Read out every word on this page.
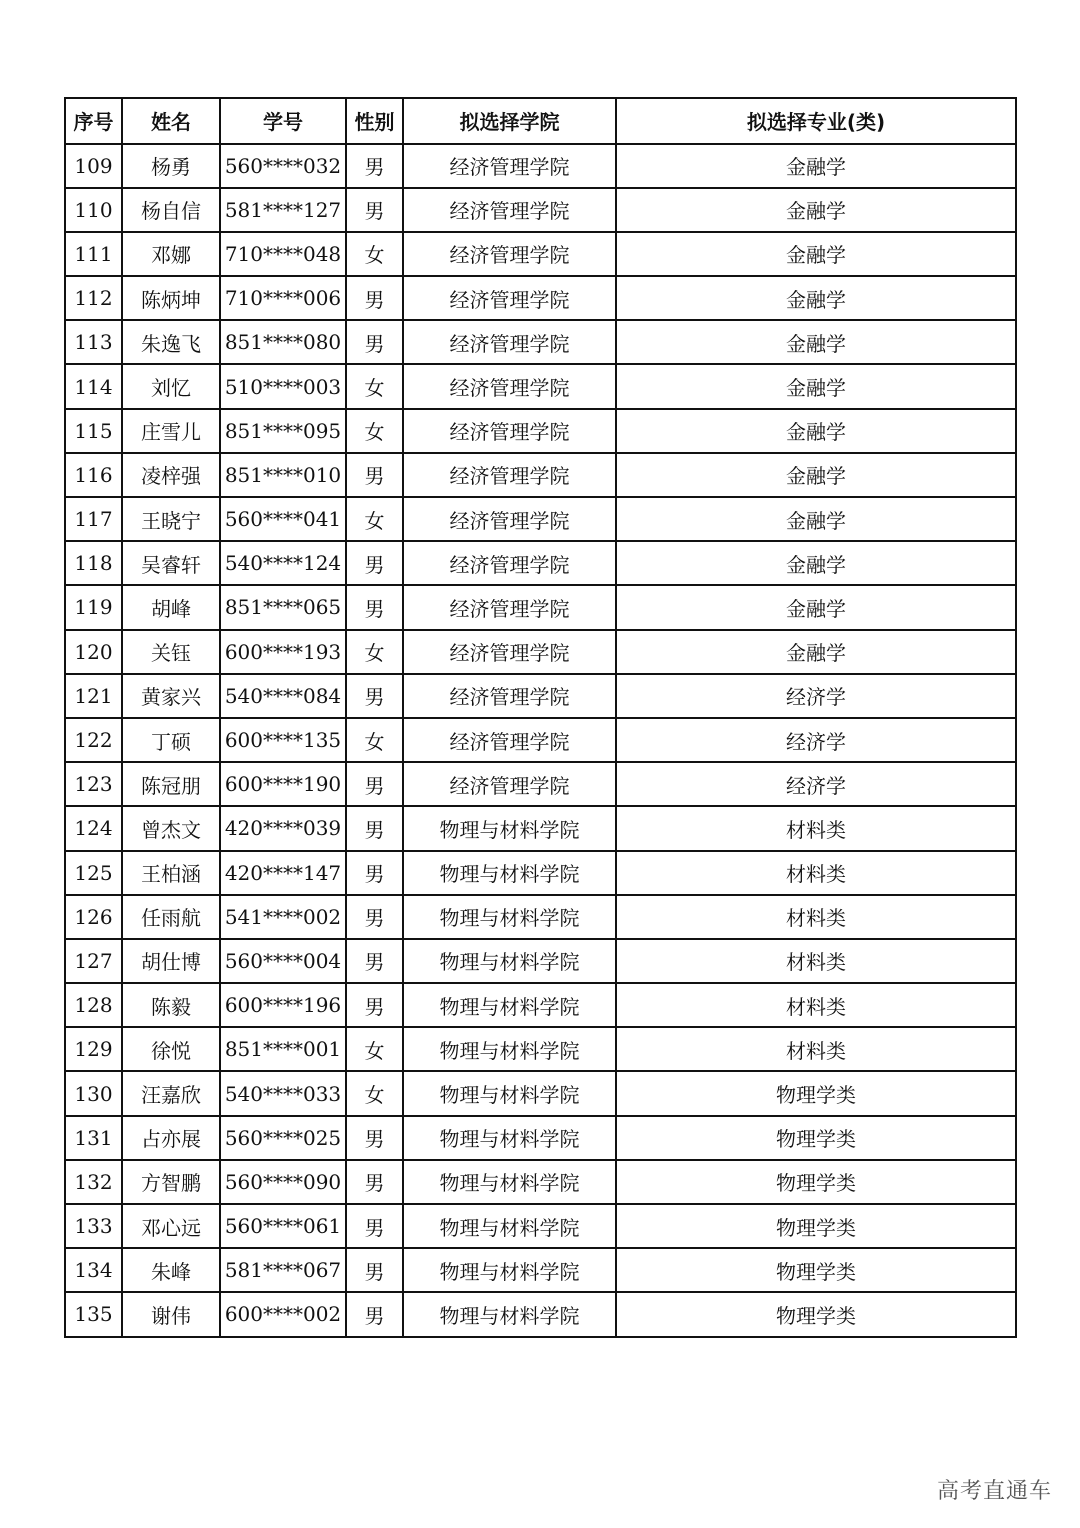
序号	姓名	学号	性别	拟选择学院	拟选择专业(类)
109	杨勇	560****032	男	经济管理学院	金融学
110	杨自信	581****127	男	经济管理学院	金融学
111	邓娜	710****048	女	经济管理学院	金融学
112	陈炳坤	710****006	男	经济管理学院	金融学
113	朱逸飞	851****080	男	经济管理学院	金融学
114	刘忆	510****003	女	经济管理学院	金融学
115	庄雪儿	851****095	女	经济管理学院	金融学
116	凌梓强	851****010	男	经济管理学院	金融学
117	王晓宁	560****041	女	经济管理学院	金融学
118	吴睿轩	540****124	男	经济管理学院	金融学
119	胡峰	851****065	男	经济管理学院	金融学
120	关钰	600****193	女	经济管理学院	金融学
121	黄家兴	540****084	男	经济管理学院	经济学
122	丁硕	600****135	女	经济管理学院	经济学
123	陈冠朋	600****190	男	经济管理学院	经济学
124	曾杰文	420****039	男	物理与材料学院	材料类
125	王柏涵	420****147	男	物理与材料学院	材料类
126	任雨航	541****002	男	物理与材料学院	材料类
127	胡仕博	560****004	男	物理与材料学院	材料类
128	陈毅	600****196	男	物理与材料学院	材料类
129	徐悦	851****001	女	物理与材料学院	材料类
130	汪嘉欣	540****033	女	物理与材料学院	物理学类
131	占亦展	560****025	男	物理与材料学院	物理学类
132	方智鹏	560****090	男	物理与材料学院	物理学类
133	邓心远	560****061	男	物理与材料学院	物理学类
134	朱峰	581****067	男	物理与材料学院	物理学类
135	谢伟	600****002	男	物理与材料学院	物理学类
高考直通车
